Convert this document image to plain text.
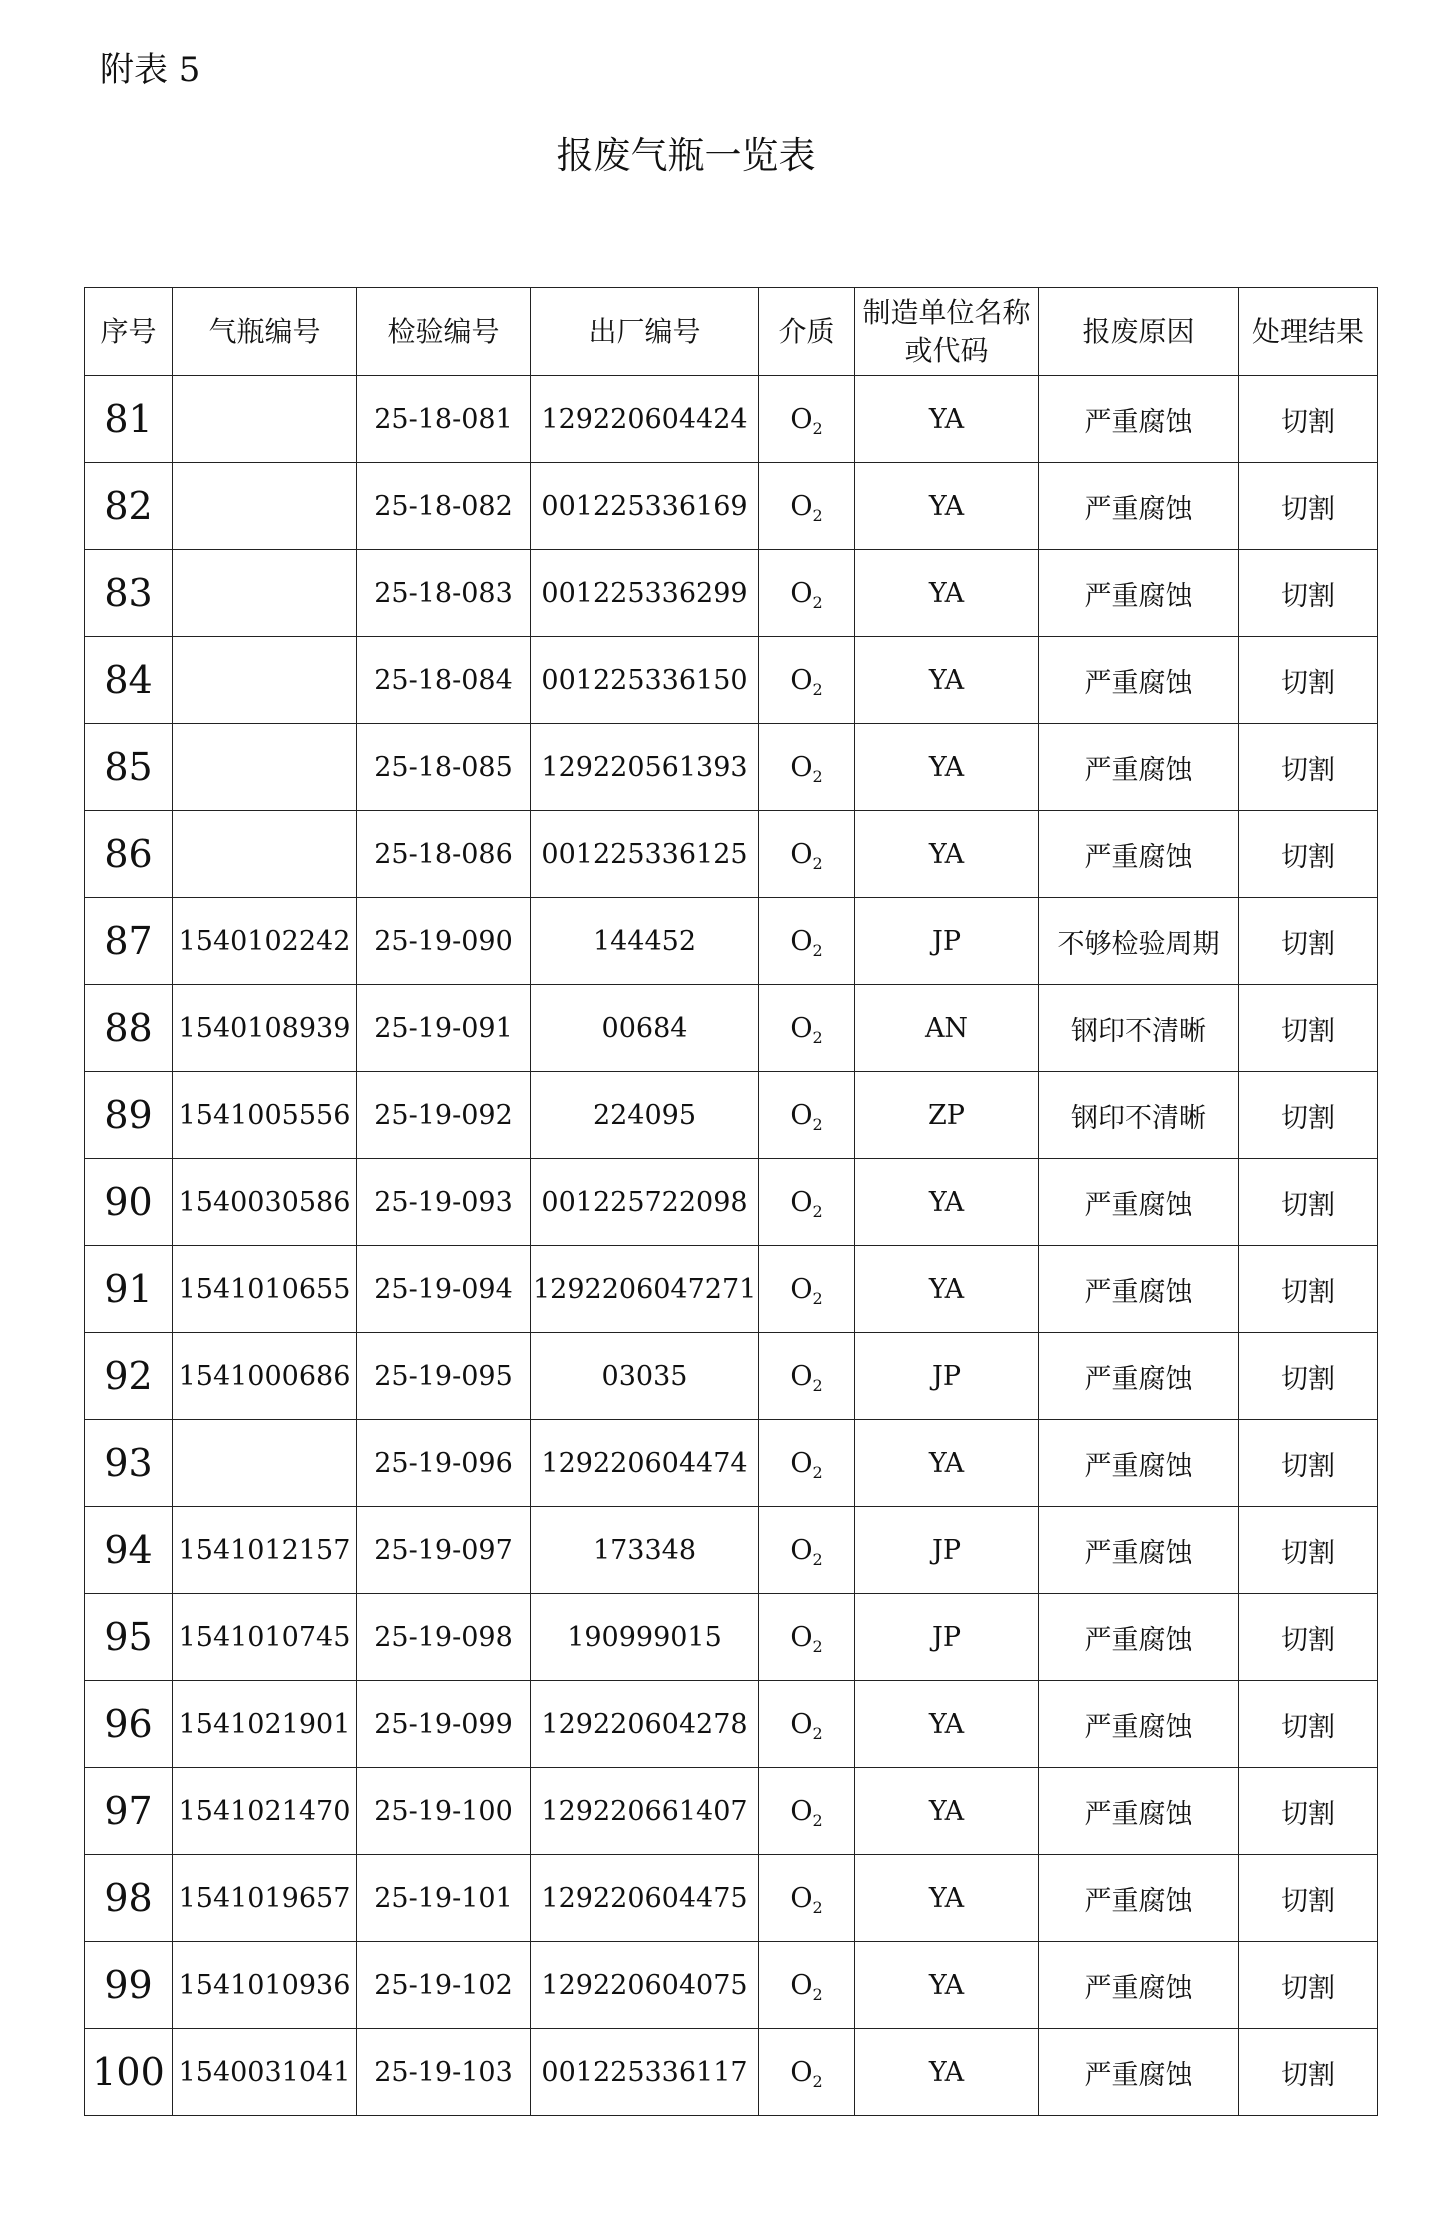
附表 5
报废气瓶一览表
序号	气瓶编号	检验编号	出厂编号	介质	制造单位名称或代码	报废原因	处理结果
81		25-18-081	129220604424	$O_2$	YA	严重腐蚀	切割
82		25-18-082	001225336169	$O_2$	YA	严重腐蚀	切割
83		25-18-083	001225336299	$O_2$	YA	严重腐蚀	切割
84		25-18-084	001225336150	$O_2$	YA	严重腐蚀	切割
85		25-18-085	129220561393	$O_2$	YA	严重腐蚀	切割
86		25-18-086	001225336125	$O_2$	YA	严重腐蚀	切割
87	1540102242	25-19-090	144452	$O_2$	JP	不够检验周期	切割
88	1540108939	25-19-091	00684	$O_2$	AN	钢印不清晰	切割
89	1541005556	25-19-092	224095	$O_2$	ZP	钢印不清晰	切割
90	1540030586	25-19-093	001225722098	$O_2$	YA	严重腐蚀	切割
91	1541010655	25-19-094	1292206047271	$O_2$	YA	严重腐蚀	切割
92	1541000686	25-19-095	03035	$O_2$	JP	严重腐蚀	切割
93		25-19-096	129220604474	$O_2$	YA	严重腐蚀	切割
94	1541012157	25-19-097	173348	$O_2$	JP	严重腐蚀	切割
95	1541010745	25-19-098	190999015	$O_2$	JP	严重腐蚀	切割
96	1541021901	25-19-099	129220604278	$O_2$	YA	严重腐蚀	切割
97	1541021470	25-19-100	129220661407	$O_2$	YA	严重腐蚀	切割
98	1541019657	25-19-101	129220604475	$O_2$	YA	严重腐蚀	切割
99	1541010936	25-19-102	129220604075	$O_2$	YA	严重腐蚀	切割
100	1540031041	25-19-103	001225336117	$O_2$	YA	严重腐蚀	切割
